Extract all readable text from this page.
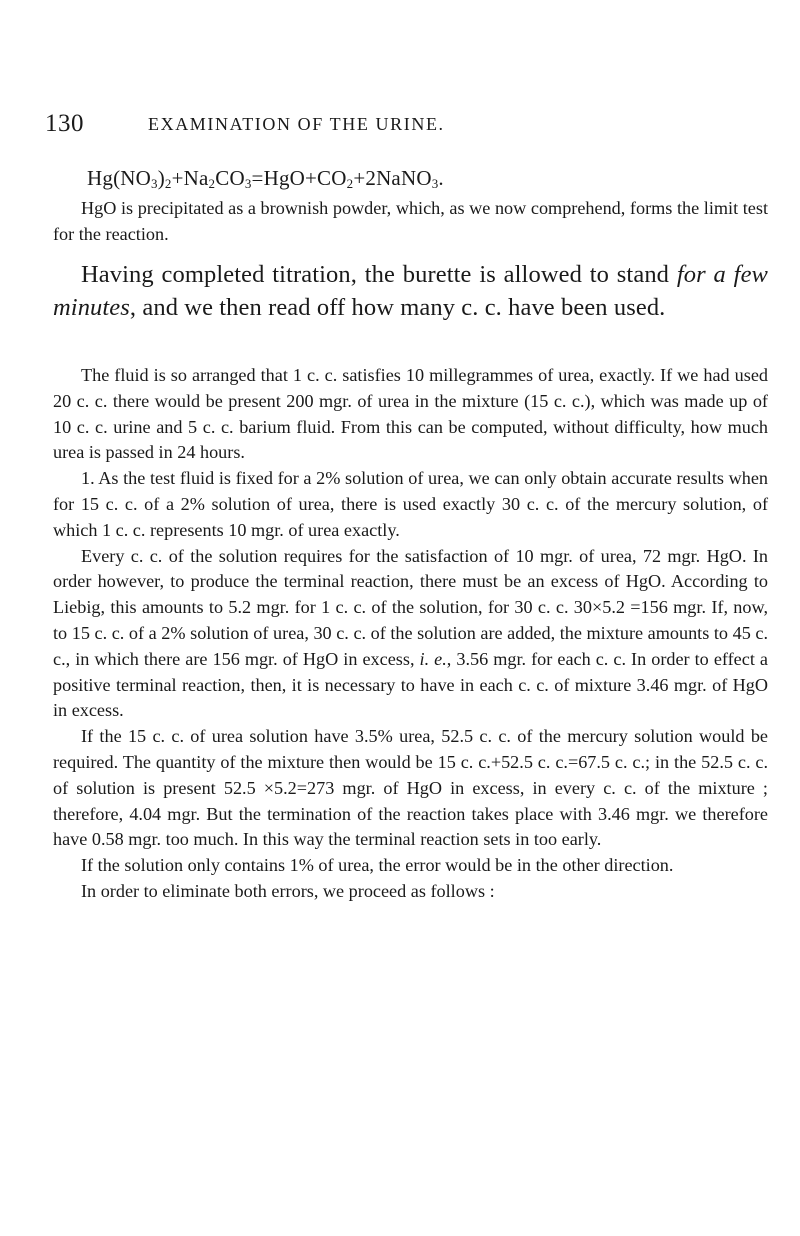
130	EXAMINATION OF THE URINE.
$Hg(NO_3)_2+Na_2CO_3=HgO+CO_2+2NaNO_3$.

HgO is precipitated as a brownish powder, which, as we now comprehend, forms the limit test for the reaction.

Having completed titration, the burette is allowed to stand for a few minutes, and we then read off how many c. c. have been used.

The fluid is so arranged that 1 c. c. satisfies 10 millegrammes of urea, exactly. If we had used 20 c. c. there would be present 200 mgr. of urea in the mixture (15 c. c.), which was made up of 10 c. c. urine and 5 c. c. barium fluid. From this can be computed, without difficulty, how much urea is passed in 24 hours.

1. As the test fluid is fixed for a 2% solution of urea, we can only obtain accurate results when for 15 c. c. of a 2% solution of urea, there is used exactly 30 c. c. of the mercury solution, of which 1 c. c. represents 10 mgr. of urea exactly.

Every c. c. of the solution requires for the satisfaction of 10 mgr. of urea, 72 mgr. HgO. In order however, to produce the terminal reaction, there must be an excess of HgO. According to Liebig, this amounts to 5.2 mgr. for 1 c. c. of the solution, for 30 c. c. 30×5.2 =156 mgr. If, now, to 15 c. c. of a 2% solution of urea, 30 c. c. of the solution are added, the mixture amounts to 45 c. c., in which there are 156 mgr. of HgO in excess, i. e., 3.56 mgr. for each c. c. In order to effect a positive terminal reaction, then, it is necessary to have in each c. c. of mixture 3.46 mgr. of HgO in excess.

If the 15 c. c. of urea solution have 3.5% urea, 52.5 c. c. of the mercury solution would be required. The quantity of the mixture then would be 15 c. c.+52.5 c. c.=67.5 c. c.; in the 52.5 c. c. of solution is present 52.5 ×5.2=273 mgr. of HgO in excess, in every c. c. of the mixture ; therefore, 4.04 mgr. But the termination of the reaction takes place with 3.46 mgr. we therefore have 0.58 mgr. too much. In this way the terminal reaction sets in too early.

If the solution only contains 1% of urea, the error would be in the other direction.

In order to eliminate both errors, we proceed as follows :
